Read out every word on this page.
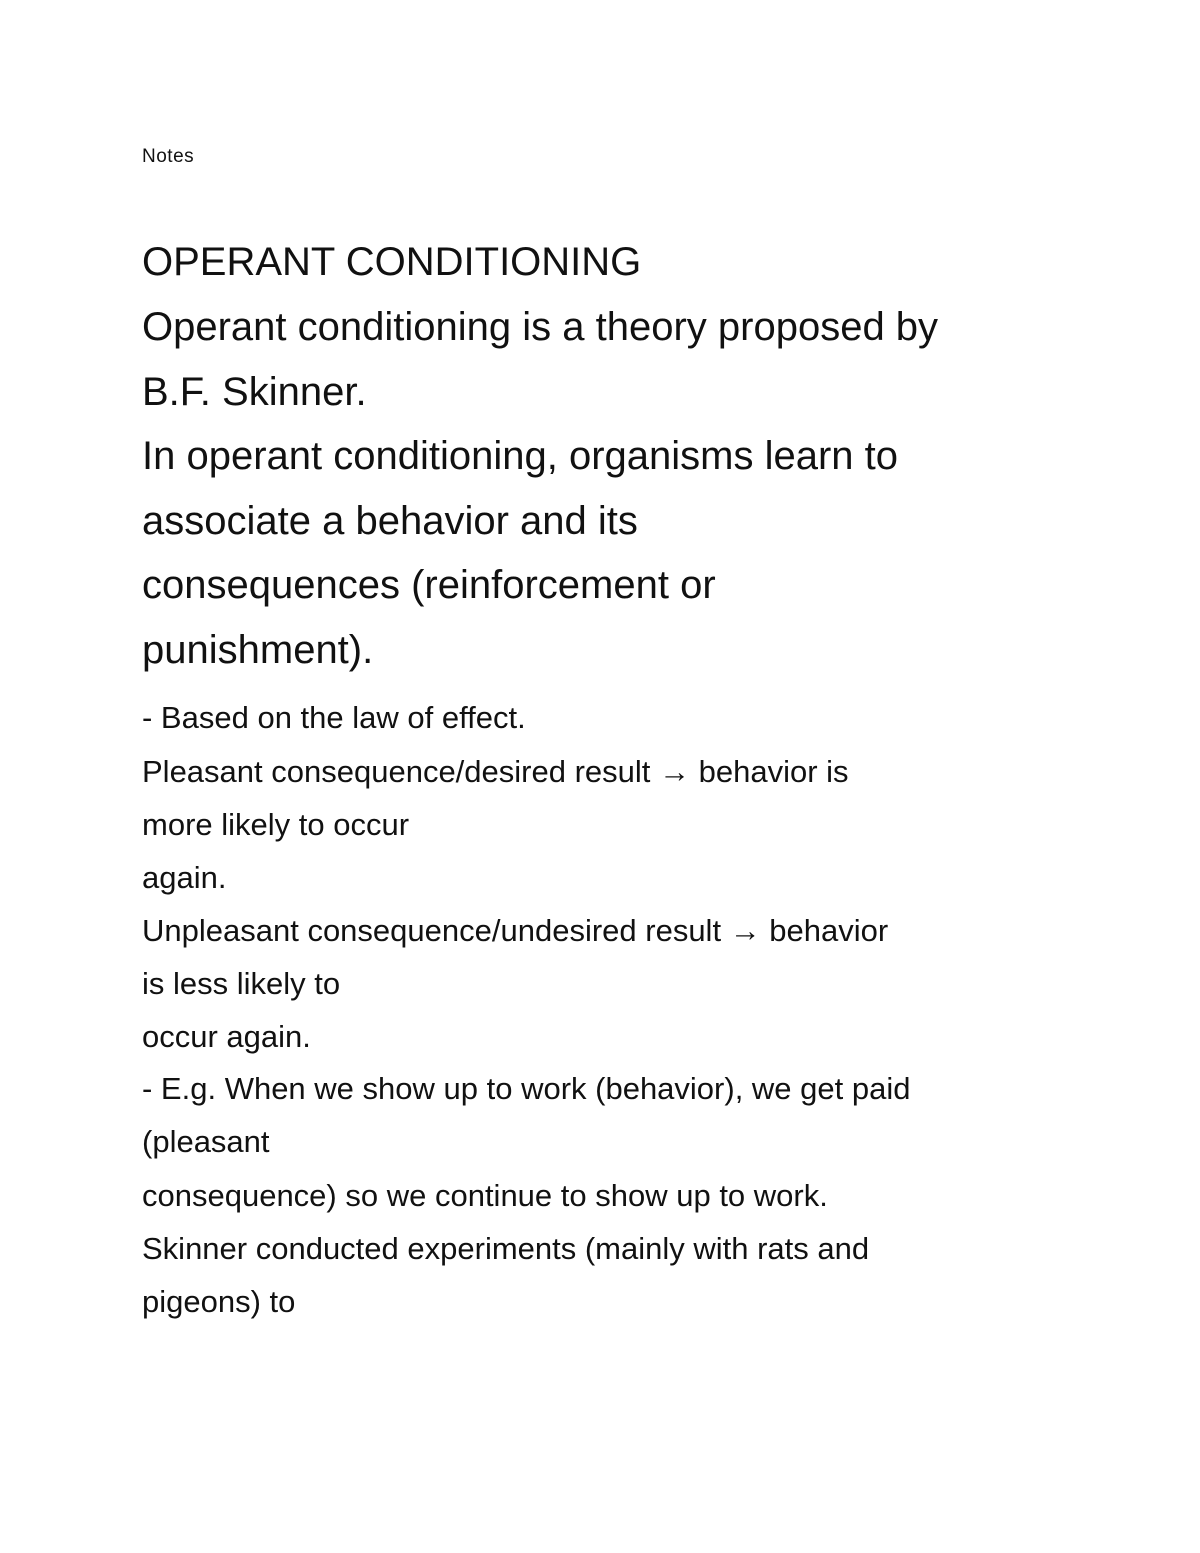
Notes

OPERANT CONDITIONING

Operant conditioning is a theory proposed by

B.F. Skinner.

In operant conditioning, organisms learn to

associate a behavior and its

consequences (reinforcement or

punishment).

- Based on the law of effect.

Pleasant consequence/desired result → behavior is

more likely to occur

again.

Unpleasant consequence/undesired result → behavior

is less likely to

occur again.

- E.g. When we show up to work (behavior), we get paid

(pleasant

consequence) so we continue to show up to work.

Skinner conducted experiments (mainly with rats and

pigeons) to
